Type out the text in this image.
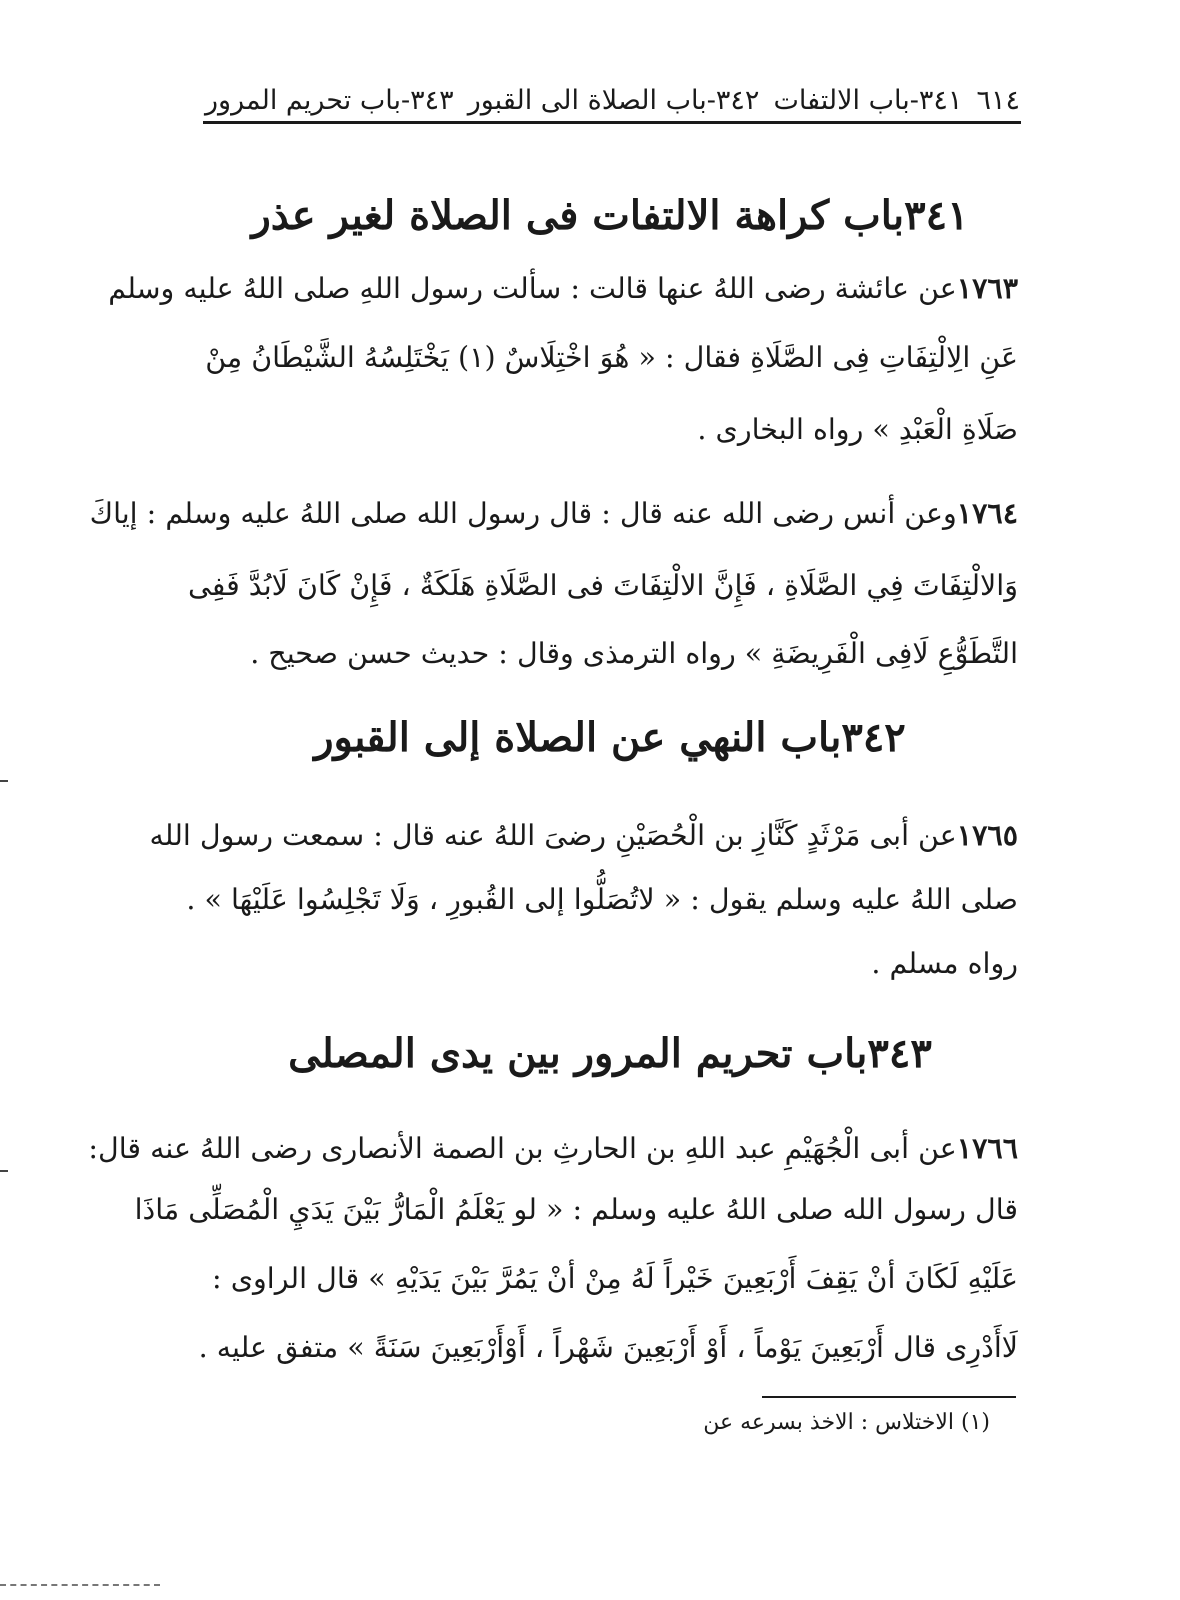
٦١٤
٣٤١-باب الالتفات
٣٤٢-باب الصلاة الى القبور
٣٤٣-باب تحريم المرور
٣٤١باب كراهة الالتفات فى الصلاة لغير عذر
١٧٦٣عن عائشة رضى اللهُ عنها قالت : سألت رسول اللهِ صلى اللهُ عليه وسلم
عَنِ الِالْتِفَاتِ فِى الصَّلَاةِ فقال : « هُوَ اخْتِلَاسٌ (١) يَخْتَلِسُهُ الشَّيْطَانُ مِنْ
صَلَاةِ الْعَبْدِ » رواه البخارى .
١٧٦٤وعن أنس رضى الله عنه قال : قال رسول الله صلى اللهُ عليه وسلم : إياكَ
وَالالْتِفَاتَ فِي الصَّلَاةِ ، فَإِنَّ الالْتِفَاتَ فى الصَّلَاةِ هَلَكَةٌ ، فَإِنْ كَانَ لَابُدَّ فَفِى
التَّطَوُّعِ لَافِى الْفَرِيضَةِ » رواه الترمذى وقال : حديث حسن صحيح .
٣٤٢باب النهي عن الصلاة إلى القبور
١٧٦٥عن أبى مَرْثَدٍ كَنَّازِ بن الْحُصَيْنِ رضىَ اللهُ عنه قال : سمعت رسول الله
صلى اللهُ عليه وسلم يقول : « لاتُصَلُّوا إلى القُبورِ ، وَلَا تَجْلِسُوا عَلَيْهَا » .
رواه مسلم .
٣٤٣باب تحريم المرور بين يدى المصلى
١٧٦٦عن أبى الْجُهَيْمِ عبد اللهِ بن الحارثِ بن الصمة الأنصارى رضى اللهُ عنه قال:
قال رسول الله صلى اللهُ عليه وسلم : « لو يَعْلَمُ الْمَارُّ بَيْنَ يَدَيِ الْمُصَلِّى مَاذَا
عَلَيْهِ لَكَانَ أنْ يَقِفَ أَرْبَعِينَ خَيْراً لَهُ مِنْ أنْ يَمُرَّ بَيْنَ يَدَيْهِ » قال الراوى :
لَاأَدْرِى قال أَرْبَعِينَ يَوْماً ، أَوْ أَرْبَعِينَ شَهْراً ، أَوْأَرْبَعِينَ سَنَةً » متفق عليه .
(١) الاختلاس : الاخذ بسرعه عن
